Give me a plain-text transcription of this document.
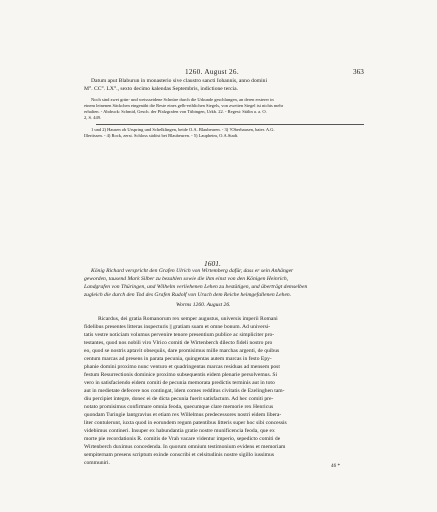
1260. August 26.	363
Datum aput Blaburun in monasterio sive claustro sancti Iohannis, anno domini
M°. CC°. LX°., sexto decimo kalendas Septembris, indictione tercia.
Noch sind zwei grün- und weissseidene Schnüre durch die Urkunde geschlungen, an deren ersterer in
einem leinenen Säckchen eingenäht die Reste eines gelb-erthlichen Siegels, von zweiten Siegel ist nichts mehr
erhalten. - Abdruck: Schmid, Gesch. der Pfalzgrafen von Tübingen, Urkb. 22. - Regest: Stälin a. a. O.
2, S. 449.
1 und 2) Hausen ob Urspring und Schelklingen, beide O.A. Blaubeuren. - 3) ?Oberhausen, baier. A.G.
Illertissen. - 4) Rock, zerst. Schloss südöst bei Blaubeuren. - 5) Laupheim, O.A.Stadt.
1601.
König Richard verspricht den Grafen Ulrich von Wirtemberg dafür, dass er sein Anhänger
geworden, tausend Mark Silber zu bezahlen sowie die ihm einst von den Königen Heinrich,
Landgrafen von Thüringen, und Wilhelm verliehenen Lehen zu bestätigen, und überträgt demselben
zugleich die durch den Tod des Grafen Rudolf von Urach dem Reiche heimgefallenen Lehen.
Worms 1260. August 26.
Ricardus, dei gratia Romanorum rex semper augustus, universis imperii Romani
fidelibus presentes litteras inspecturis || gratiam suam et omne bonum. Ad universi-
tatis vestre noticiam volumus pervenire tenore presentium publice ac simpliciter pro-
testantes, quod nos nobili viro Vlrico comiti de Wirtenberch dilecto fideli nostro pro
eo, quod se nostris aptavit obsequiis, dare promisimus mille marchas argenti, de quibus
centum marcas ad presens in parata pecunia, quingentas autem marcas in festo Epy-
phanie domini proximo nunc venturo et quadringentas marcas residuas ad mensem post
festum Resurrectionis dominice proximo subsequentis eidem plenarie persolvemus. Si
vero in satisfaciendo eidem comiti de pecunia memorata predictis terminis aut in toto
aut in medietate defecere nos contingat, idem comes redditus civitatis de Ezelinghen tam-
diu percipiet integre, donec ei de dicta pecunia fuerit satisfactum. Ad hec comiti pre-
notato promisimus confirmare omnia feoda, quecumque clare memorie rex Henricus
quondam Turingie lantgravius et etiam rex Willelmus predecessores nostri eidem libera-
liter contulerunt, iuxta quod in eorundem regum patentibus litteris super hoc sibi concessis
videbimus contineri. Insuper ex habundantia gratie nostre munificencia feoda, que ex
morte pie recordationis R. comitis de Vrah vacare videntur imperio, sepedicto comiti de
Wirtenberch duximus concedenda. In quorum omnium testimonium evidens et memoriam
sempiternam presens scriptum exinde conscribi et celsitudinis nostre sigillo iussimus
communiri.	46 *
